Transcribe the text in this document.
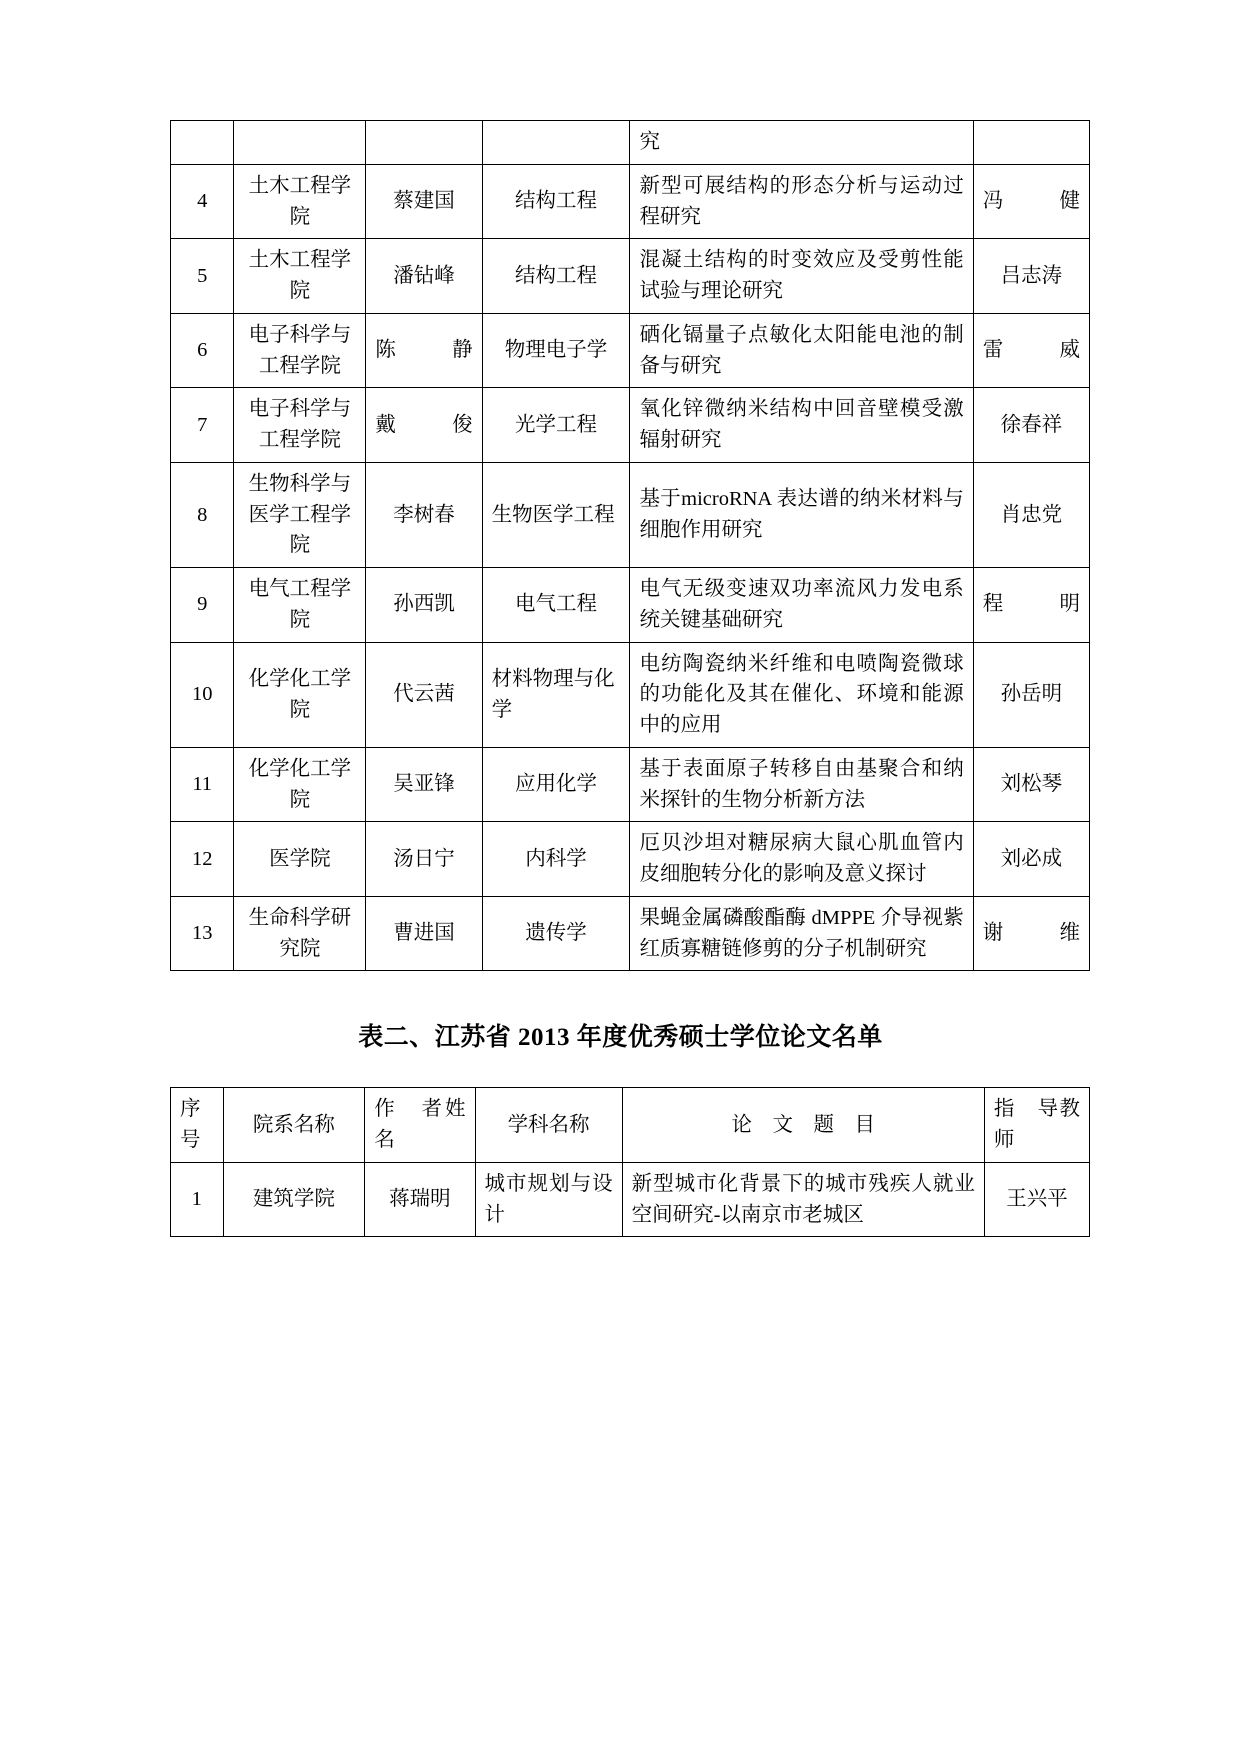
				究	
4	土木工程学院	蔡建国	结构工程	新型可展结构的形态分析与运动过程研究	冯　　健
5	土木工程学院	潘钻峰	结构工程	混凝土结构的时变效应及受剪性能试验与理论研究	吕志涛
6	电子科学与工程学院	陈　　静	物理电子学	硒化镉量子点敏化太阳能电池的制备与研究	雷　　威
7	电子科学与工程学院	戴　　俊	光学工程	氧化锌微纳米结构中回音壁模受激辐射研究	徐春祥
8	生物科学与医学工程学院	李树春	生物医学工程	基于microRNA 表达谱的纳米材料与细胞作用研究	肖忠党
9	电气工程学院	孙西凯	电气工程	电气无级变速双功率流风力发电系统关键基础研究	程　　明
10	化学化工学院	代云茜	材料物理与化学	电纺陶瓷纳米纤维和电喷陶瓷微球的功能化及其在催化、环境和能源中的应用	孙岳明
11	化学化工学院	吴亚锋	应用化学	基于表面原子转移自由基聚合和纳米探针的生物分析新方法	刘松琴
12	医学院	汤日宁	内科学	厄贝沙坦对糖尿病大鼠心肌血管内皮细胞转分化的影响及意义探讨	刘必成
13	生命科学研究院	曹进国	遗传学	果蝇金属磷酸酯酶 dMPPE 介导视紫红质寡糖链修剪的分子机制研究	谢　　维
表二、江苏省 2013 年度优秀硕士学位论文名单
序　号	院系名称	作　者姓　名	学科名称	论　文　题　目	指　导教　师
1	建筑学院	蒋瑞明	城市规划与设计	新型城市化背景下的城市残疾人就业空间研究-以南京市老城区	王兴平
